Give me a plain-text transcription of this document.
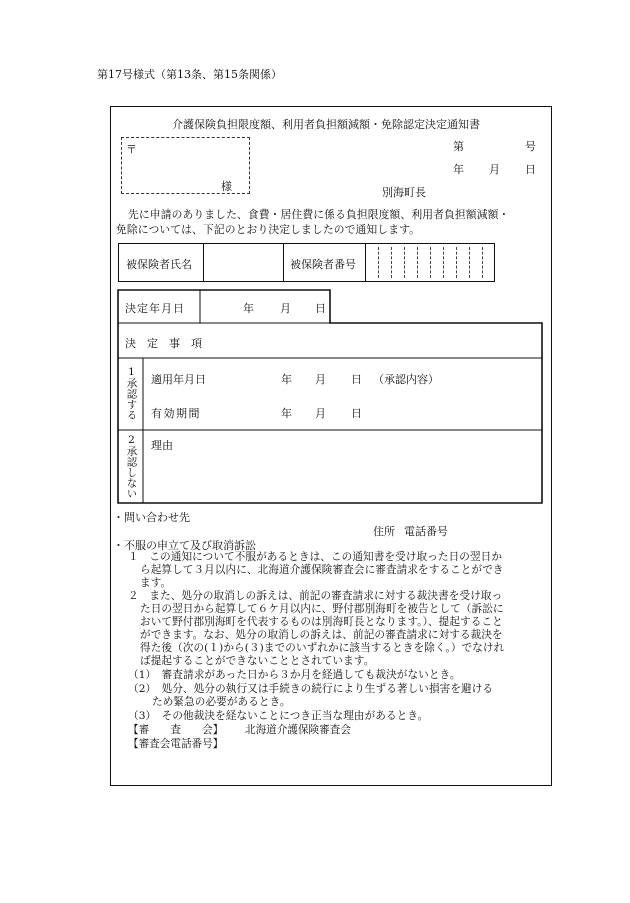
第17号様式（第13条、第15条関係）
介護保険負担限度額、利用者負担額減額・免除認定決定通知書
〒
様
第	号
年 月 日
別海町長
先に申請のありました、食費・居住費に係る負担限度額、利用者負担額減額・
免除については、下記のとおり決定しましたので通知します。
被保険者氏名	被保険者番号
決定年月日	年 月 日
決　定　事　項
1承認する 適用年月日	年 月 日 （承認内容）
有効期間	年 月 日
2承認しない 理由
・問い合わせ先
住所 電話番号
・不服の申立て及び取消訴訟
１　この通知について不服があるときは、この通知書を受け取った日の翌日か
ら起算して３月以内に、北海道介護保険審査会に審査請求をすることができ
ます。
２　また、処分の取消しの訴えは、前記の審査請求に対する裁決書を受け取っ
た日の翌日から起算して６ケ月以内に、野付郡別海町を被告として（訴訟に
おいて野付郡別海町を代表するものは別海町長となります。）、提起すること
ができます。なお、処分の取消しの訴えは、前記の審査請求に対する裁決を
得た後（次の(１)から(３)までのいずれかに該当するときを除く。）でなけれ
ば提起することができないこととされています。
（1）　審査請求があった日から３か月を経過しても裁決がないとき。
（2）　処分、処分の執行又は手続きの続行により生ずる著しい損害を避ける
ため緊急の必要があるとき。
（3）　その他裁決を経ないことにつき正当な理由があるとき。
【審　　査　　会】 北海道介護保険審査会
【審査会電話番号】
